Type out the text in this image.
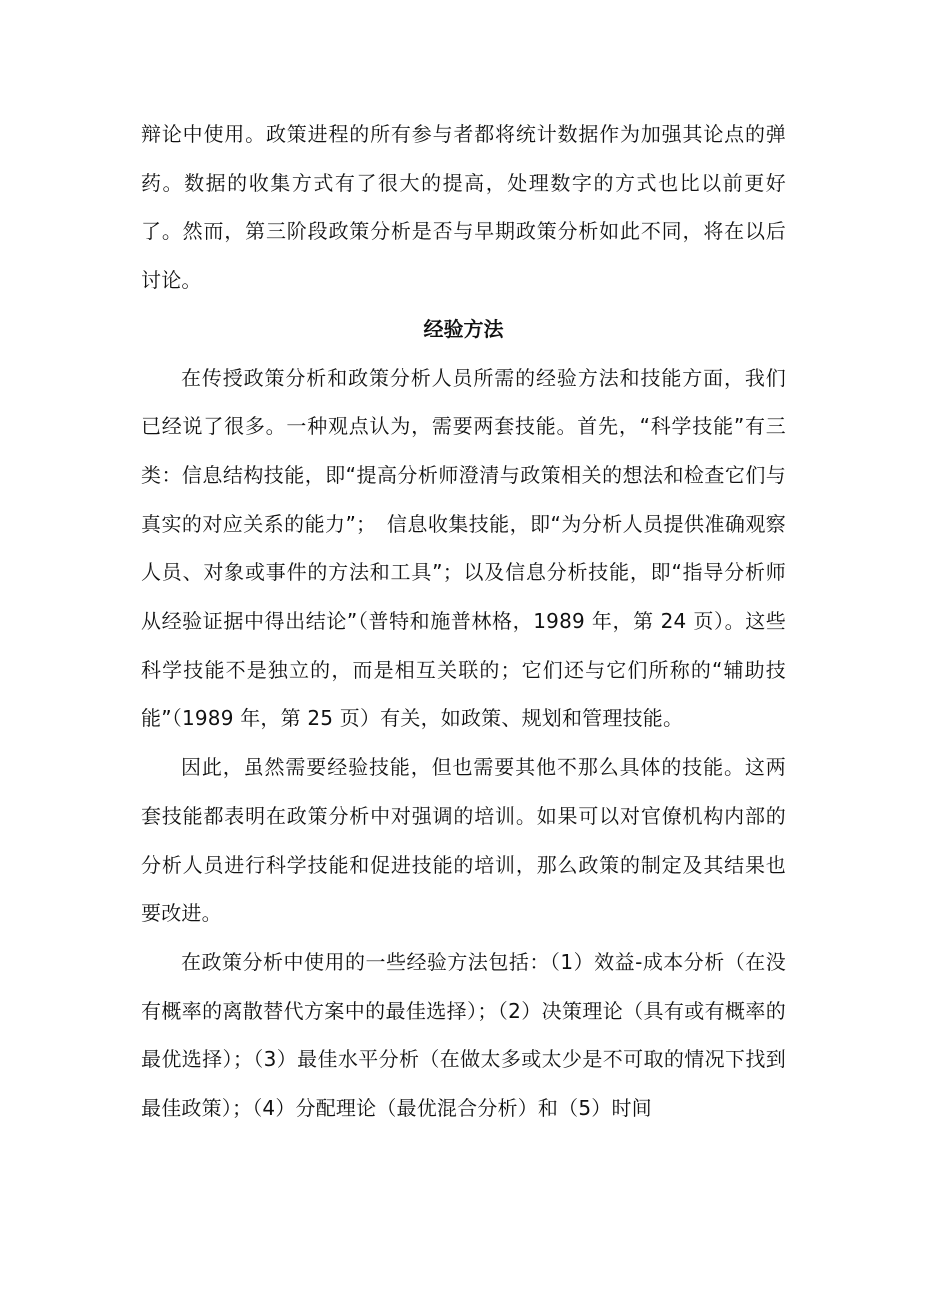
辩论中使用。政策进程的所有参与者都将统计数据作为加强其论点的弹药。数据的收集方式有了很大的提高，处理数字的方式也比以前更好了。然而，第三阶段政策分析是否与早期政策分析如此不同，将在以后讨论。

经验方法

在传授政策分析和政策分析人员所需的经验方法和技能方面，我们已经说了很多。一种观点认为，需要两套技能。首先，“科学技能”有三类：信息结构技能，即“提高分析师澄清与政策相关的想法和检查它们与真实的对应关系的能力”；　信息收集技能，即“为分析人员提供准确观察人员、对象或事件的方法和工具”；以及信息分析技能，即“指导分析师从经验证据中得出结论”（普特和施普林格，1989 年，第 24 页）。这些科学技能不是独立的，而是相互关联的；它们还与它们所称的“辅助技能”（1989 年，第 25 页）有关，如政策、规划和管理技能。

因此，虽然需要经验技能，但也需要其他不那么具体的技能。这两套技能都表明在政策分析中对强调的培训。如果可以对官僚机构内部的分析人员进行科学技能和促进技能的培训，那么政策的制定及其结果也要改进。

在政策分析中使用的一些经验方法包括：（1）效益-成本分析（在没有概率的离散替代方案中的最佳选择）；（2）决策理论（具有或有概率的最优选择）；（3）最佳水平分析（在做太多或太少是不可取的情况下找到最佳政策）；（4）分配理论（最优混合分析）和（5）时间
